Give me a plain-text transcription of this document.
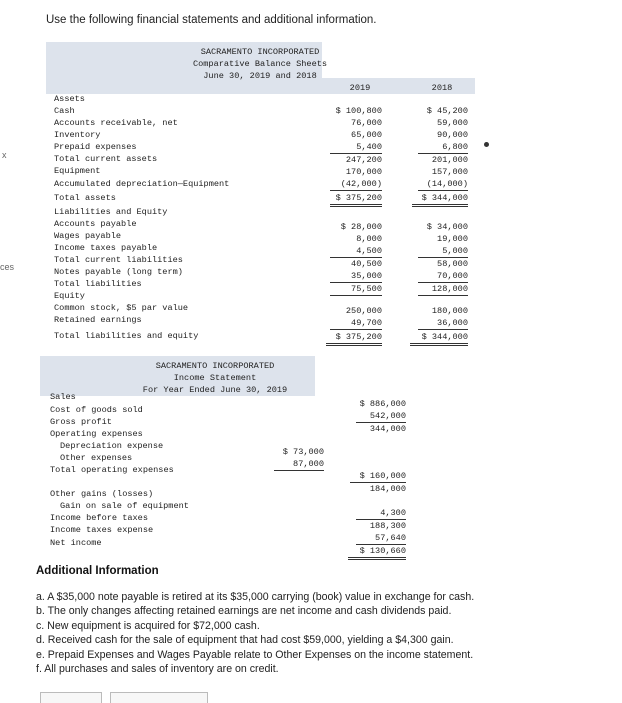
Use the following financial statements and additional information.
x
ces
SACRAMENTO INCORPORATED
Comparative Balance Sheets
June 30, 2019 and 2018
2019	2018
Assets
Cash
Accounts receivable, net
Inventory
Prepaid expenses
Total current assets
Equipment
Accumulated depreciation—Equipment
Total assets
Liabilities and Equity
Accounts payable
Wages payable
Income taxes payable
Total current liabilities
Notes payable (long term)
Total liabilities
Equity
Common stock, $5 par value
Retained earnings
Total liabilities and equity
$ 100,800
76,000
65,000
5,400
247,200
170,000
(42,000)
$ 375,200
$ 28,000
8,000
4,500
40,500
35,000
75,500
250,000
49,700
$ 375,200
$ 45,200
59,000
90,000
6,800
201,000
157,000
(14,000)
$ 344,000
$ 34,000
19,000
5,000
58,000
70,000
128,000
180,000
36,000
$ 344,000
SACRAMENTO INCORPORATED
Income Statement
For Year Ended June 30, 2019
Sales
Cost of goods sold
Gross profit
Operating expenses
Depreciation expense
Other expenses
Total operating expenses
Other gains (losses)
Gain on sale of equipment
Income before taxes
Income taxes expense
Net income
$ 73,000
87,000
$ 886,000
542,000
344,000
$ 160,000
184,000
4,300
188,300
57,640
$ 130,660
Additional Information
a. A $35,000 note payable is retired at its $35,000 carrying (book) value in exchange for cash.
b. The only changes affecting retained earnings are net income and cash dividends paid.
c. New equipment is acquired for $72,000 cash.
d. Received cash for the sale of equipment that had cost $59,000, yielding a $4,300 gain.
e. Prepaid Expenses and Wages Payable relate to Other Expenses on the income statement.
f. All purchases and sales of inventory are on credit.
